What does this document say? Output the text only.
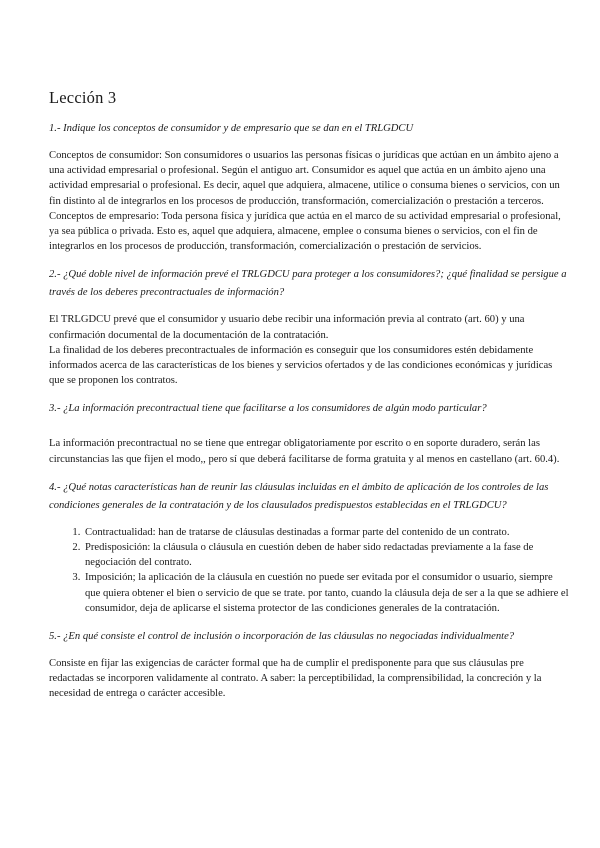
Lección 3

1.- Indique los conceptos de consumidor y de empresario que se dan en el TRLGDCU

Conceptos de consumidor: Son consumidores o usuarios las personas físicas o jurídicas que actúan en un ámbito ajeno a una actividad empresarial o profesional. Según el antiguo art. Consumidor es aquel que actúa en un ámbito ajeno una actividad empresarial o profesional. Es decir, aquel que adquiera, almacene, utilice o consuma bienes o servicios, con un fin distinto al de integrarlos en los procesos de producción, transformación, comercialización o prestación a terceros.

Conceptos de empresario: Toda persona física y jurídica que actúa en el marco de su actividad empresarial o profesional, ya sea pública o privada. Esto es, aquel que adquiera, almacene, emplee o consuma bienes o servicios, con el fin de integrarlos en los procesos de producción, transformación, comercialización o prestación de servicios.

2.- ¿Qué doble nivel de información prevé el TRLGDCU para proteger a los consumidores?; ¿qué finalidad se persigue a través de los deberes precontractuales de información?

El TRLGDCU prevé que el consumidor y usuario debe recibir una información previa al contrato (art. 60) y una confirmación documental de la documentación de la contratación.

La finalidad de los deberes precontractuales de información es conseguir que los consumidores estén debidamente informados acerca de las características de los bienes y servicios ofertados y de las condiciones económicas y jurídicas que se proponen los contratos.

3.- ¿La información precontractual tiene que facilitarse a los consumidores de algún modo particular?

La información precontractual no se tiene que entregar obligatoriamente por escrito o en soporte duradero, serán las circunstancias las que fijen el modo,, pero sí que deberá facilitarse de forma gratuita y al menos en castellano (art. 60.4).

4.- ¿Qué notas características han de reunir las cláusulas incluidas en el ámbito de aplicación de los controles de las condiciones generales de la contratación y de los clausulados predispuestos establecidas en el TRLGDCU?

1. Contractualidad: han de tratarse de cláusulas destinadas a formar parte del contenido de un contrato.
2. Predisposición: la cláusula o cláusula en cuestión deben de haber sido redactadas previamente a la fase de negociación del contrato.
3. Imposición; la aplicación de la cláusula en cuestión no puede ser evitada por el consumidor o usuario, siempre que quiera obtener el bien o servicio de que se trate. por tanto, cuando la cláusula deja de ser a la que se adhiere el consumidor, deja de aplicarse el sistema protector de las condiciones generales de la contratación.

5.- ¿En qué consiste el control de inclusión o incorporación de las cláusulas no negociadas individualmente?

Consiste en fijar las exigencias de carácter formal que ha de cumplir el predisponente para que sus cláusulas pre redactadas se incorporen validamente al contrato. A saber: la perceptibilidad, la comprensibilidad, la concreción y la necesidad de entrega o carácter accesible.
